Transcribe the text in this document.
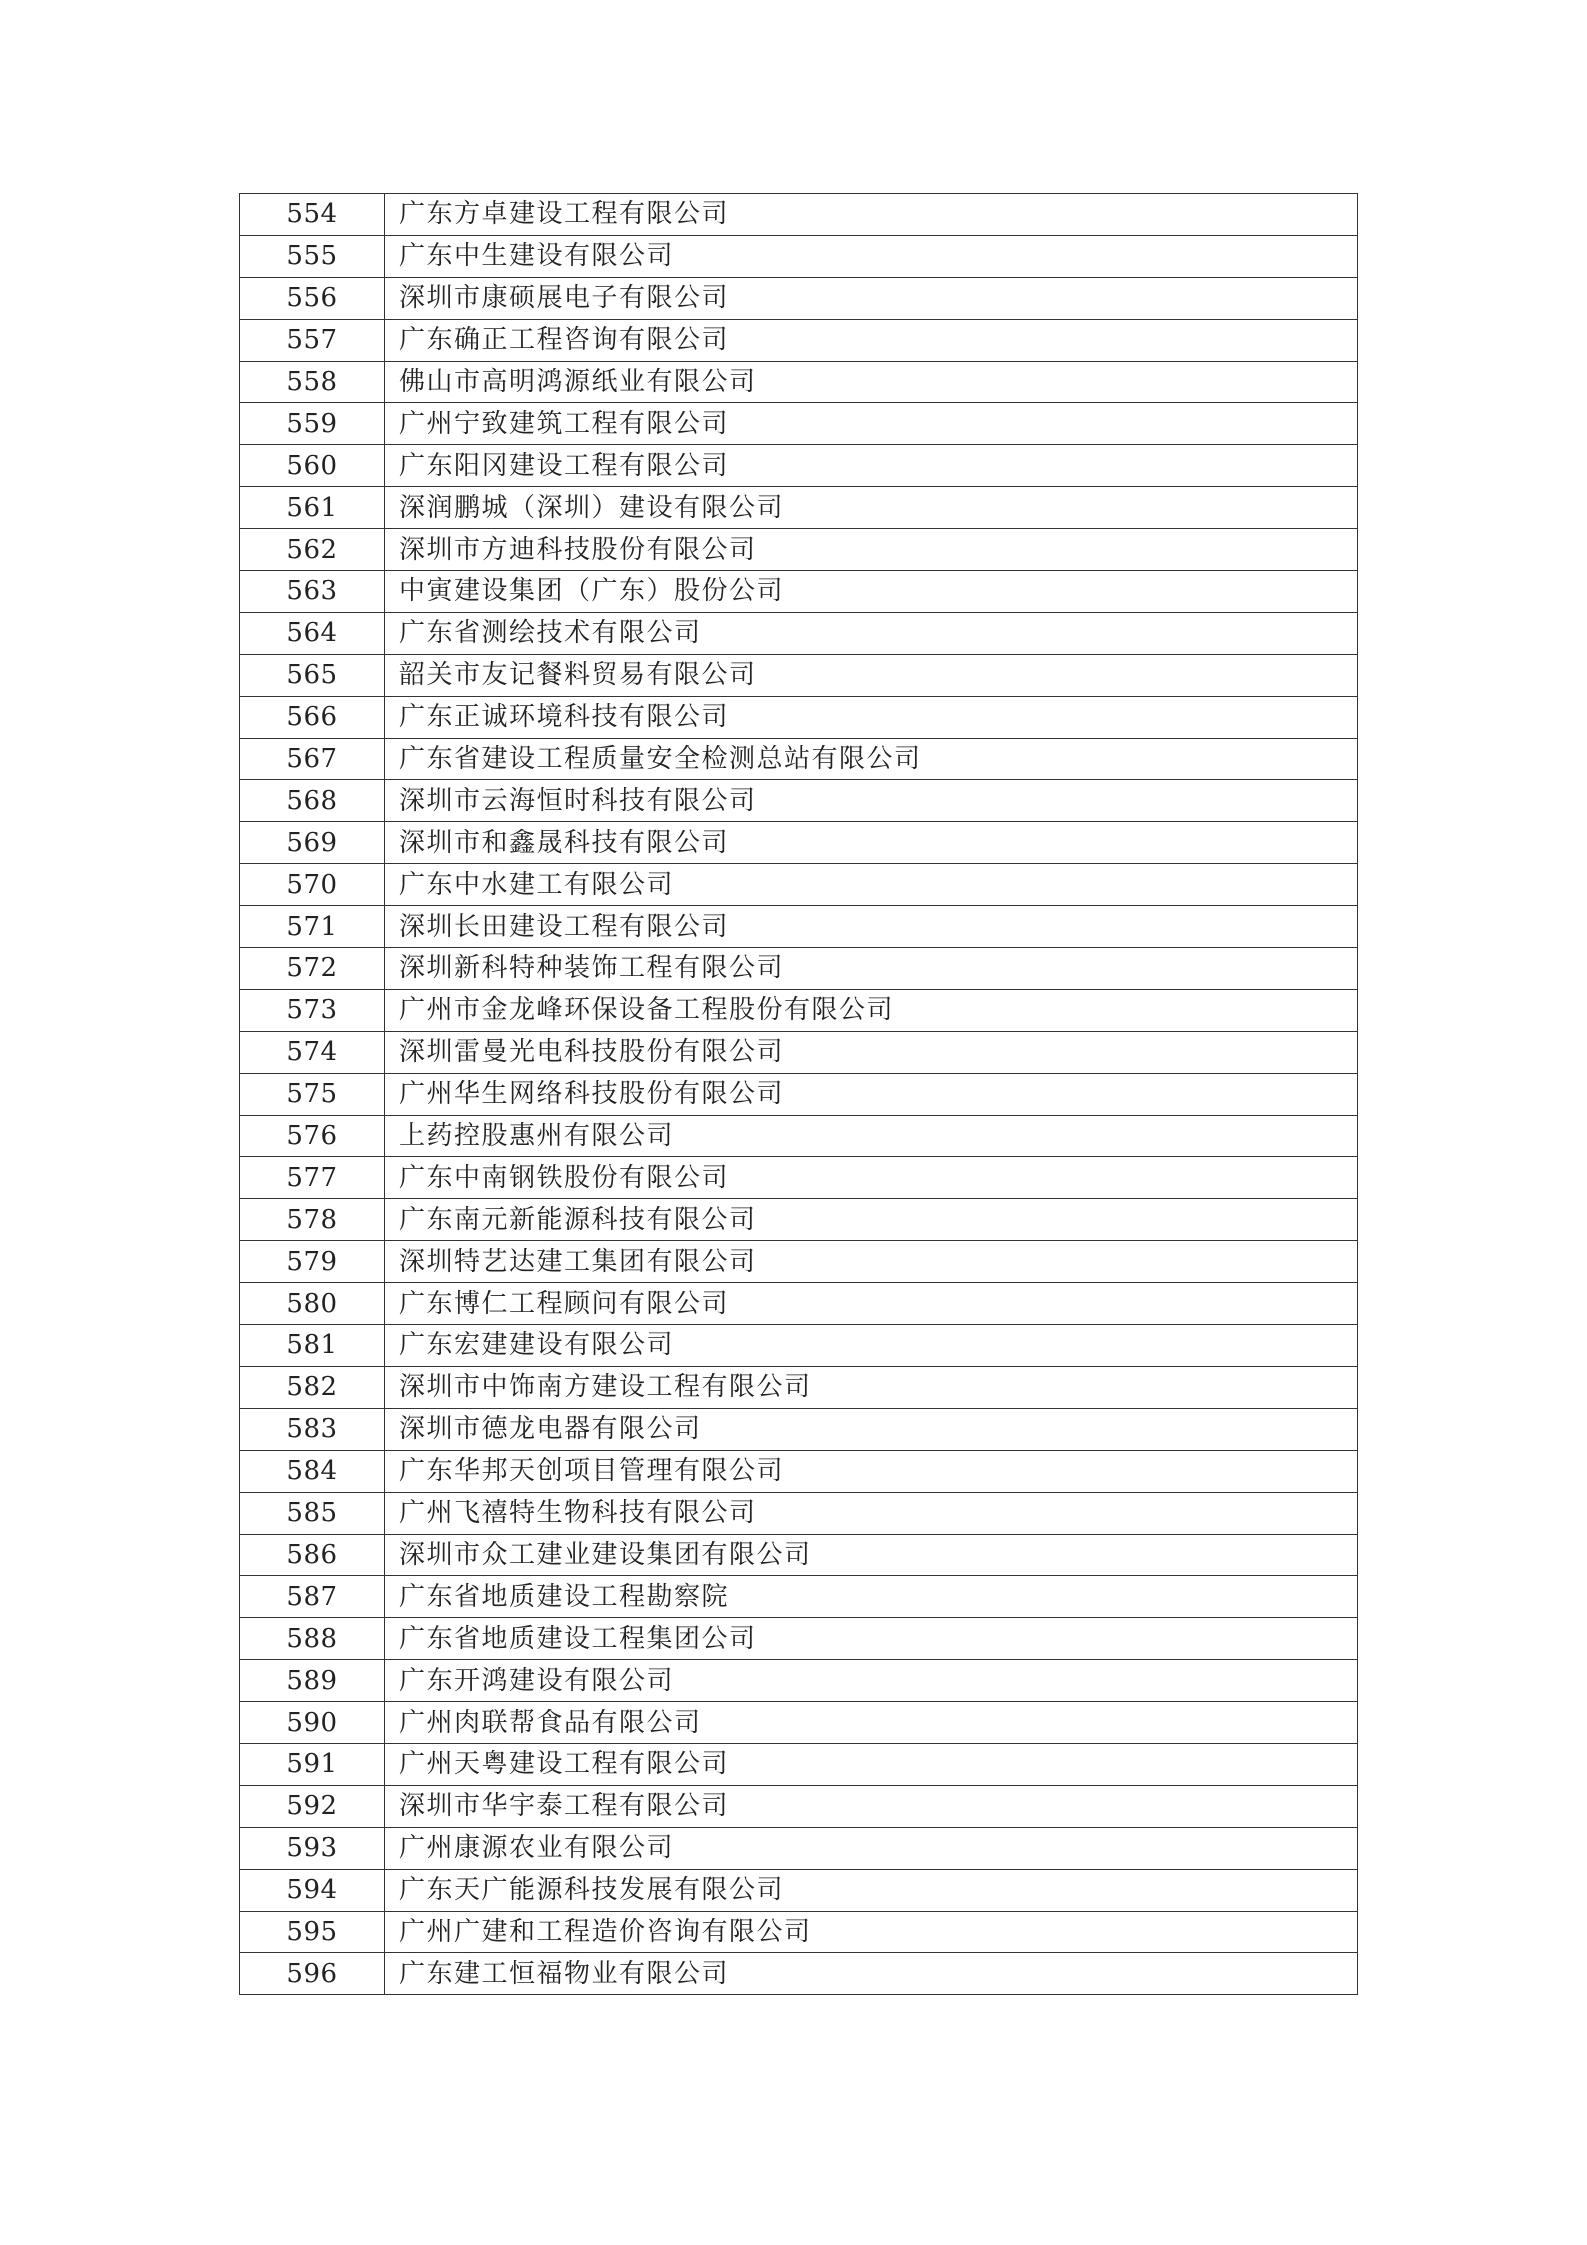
554	广东方卓建设工程有限公司
555	广东中生建设有限公司
556	深圳市康硕展电子有限公司
557	广东确正工程咨询有限公司
558	佛山市高明鸿源纸业有限公司
559	广州宁致建筑工程有限公司
560	广东阳冈建设工程有限公司
561	深润鹏城（深圳）建设有限公司
562	深圳市方迪科技股份有限公司
563	中寅建设集团（广东）股份公司
564	广东省测绘技术有限公司
565	韶关市友记餐料贸易有限公司
566	广东正诚环境科技有限公司
567	广东省建设工程质量安全检测总站有限公司
568	深圳市云海恒时科技有限公司
569	深圳市和鑫晟科技有限公司
570	广东中水建工有限公司
571	深圳长田建设工程有限公司
572	深圳新科特种装饰工程有限公司
573	广州市金龙峰环保设备工程股份有限公司
574	深圳雷曼光电科技股份有限公司
575	广州华生网络科技股份有限公司
576	上药控股惠州有限公司
577	广东中南钢铁股份有限公司
578	广东南元新能源科技有限公司
579	深圳特艺达建工集团有限公司
580	广东博仁工程顾问有限公司
581	广东宏建建设有限公司
582	深圳市中饰南方建设工程有限公司
583	深圳市德龙电器有限公司
584	广东华邦天创项目管理有限公司
585	广州飞禧特生物科技有限公司
586	深圳市众工建业建设集团有限公司
587	广东省地质建设工程勘察院
588	广东省地质建设工程集团公司
589	广东开鸿建设有限公司
590	广州肉联帮食品有限公司
591	广州天粤建设工程有限公司
592	深圳市华宇泰工程有限公司
593	广州康源农业有限公司
594	广东天广能源科技发展有限公司
595	广州广建和工程造价咨询有限公司
596	广东建工恒福物业有限公司
